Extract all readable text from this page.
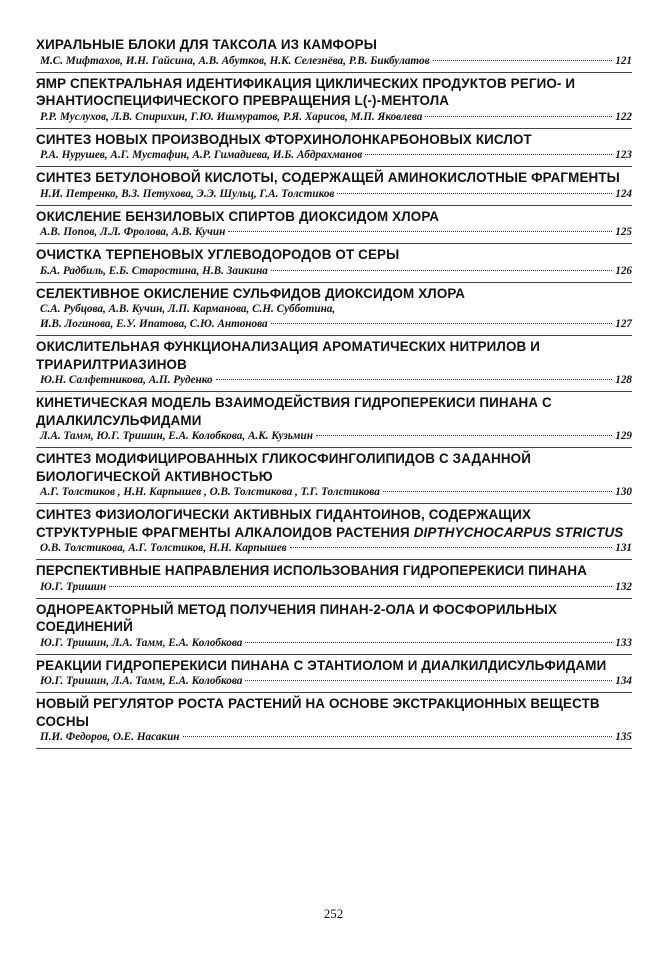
ХИРАЛЬНЫЕ БЛОКИ ДЛЯ ТАКСОЛА ИЗ КАМФОРЫ
М.С. Мифтахов, И.Н. Гайсина, А.В. Абутков, Н.К. Селезнёва, Р.В. Бикбулатов	121
ЯМР СПЕКТРАЛЬНАЯ ИДЕНТИФИКАЦИЯ ЦИКЛИЧЕСКИХ ПРОДУКТОВ РЕГИО- И ЭНАНТИОСПЕЦИФИЧЕСКОГО ПРЕВРАЩЕНИЯ L(-)-МЕНТОЛА
Р.Р. Муслухов, Л.В. Спирихин, Г.Ю. Ишмуратов, Р.Я. Харисов, М.П. Яковлева	122
СИНТЕЗ НОВЫХ ПРОИЗВОДНЫХ ФТОРХИНОЛОНКАРБОНОВЫХ КИСЛОТ
Р.А. Нурушев, А.Г. Мустафин, А.Р. Гимадиева, И.Б. Абдрахманов	123
СИНТЕЗ БЕТУЛОНОВОЙ КИСЛОТЫ, СОДЕРЖАЩЕЙ АМИНОКИСЛОТНЫЕ ФРАГМЕНТЫ
Н.И. Петренко, В.З. Петухова, Э.Э. Шульц, Г.А. Толстиков	124
ОКИСЛЕНИЕ БЕНЗИЛОВЫХ СПИРТОВ ДИОКСИДОМ ХЛОРА
А.В. Попов, Л.Л. Фролова, А.В. Кучин	125
ОЧИСТКА ТЕРПЕНОВЫХ УГЛЕВОДОРОДОВ ОТ СЕРЫ
Б.А. Радбиль, Е.Б. Старостина, Н.В. Заикина	126
СЕЛЕКТИВНОЕ ОКИСЛЕНИЕ СУЛЬФИДОВ ДИОКСИДОМ ХЛОРА
С.А. Рубцова, А.В. Кучин, Л.П. Карманова, С.Н. Субботина,
И.В. Логинова, Е.У. Ипатова, С.Ю. Антонова	127
ОКИСЛИТЕЛЬНАЯ ФУНКЦИОНАЛИЗАЦИЯ АРОМАТИЧЕСКИХ НИТРИЛОВ И ТРИАРИЛТРИАЗИНОВ
Ю.Н. Салфетникова, А.П. Руденко	128
КИНЕТИЧЕСКАЯ МОДЕЛЬ ВЗАИМОДЕЙСТВИЯ ГИДРОПЕРЕКИСИ ПИНАНА С ДИАЛКИЛСУЛЬФИДАМИ
Л.А. Тамм, Ю.Г. Тришин, Е.А. Колобкова, А.К. Кузьмин	129
СИНТЕЗ МОДИФИЦИРОВАННЫХ ГЛИКОСФИНГОЛИПИДОВ С ЗАДАННОЙ БИОЛОГИЧЕСКОЙ АКТИВНОСТЬЮ
А.Г. Толстиков , Н.Н. Карпышев , О.В. Толстикова , Т.Г. Толстикова	130
СИНТЕЗ ФИЗИОЛОГИЧЕСКИ АКТИВНЫХ ГИДАНТОИНОВ, СОДЕРЖАЩИХ СТРУКТУРНЫЕ ФРАГМЕНТЫ АЛКАЛОИДОВ РАСТЕНИЯ DIPTHYCHOCARPUS STRICTUS
О.В. Толстикова, А.Г. Толстиков, Н.Н. Карпышев	131
ПЕРСПЕКТИВНЫЕ НАПРАВЛЕНИЯ ИСПОЛЬЗОВАНИЯ ГИДРОПЕРЕКИСИ ПИНАНА
Ю.Г. Тришин	132
ОДНОРЕАКТОРНЫЙ МЕТОД ПОЛУЧЕНИЯ ПИНАН-2-ОЛА И ФОСФОРИЛЬНЫХ СОЕДИНЕНИЙ
Ю.Г. Тришин, Л.А. Тамм, Е.А. Колобкова	133
РЕАКЦИИ ГИДРОПЕРЕКИСИ ПИНАНА С ЭТАНТИОЛОМ И ДИАЛКИЛДИСУЛЬФИДАМИ
Ю.Г. Тришин, Л.А. Тамм, Е.А. Колобкова	134
НОВЫЙ РЕГУЛЯТОР РОСТА РАСТЕНИЙ НА ОСНОВЕ ЭКСТРАКЦИОННЫХ ВЕЩЕСТВ СОСНЫ
П.И. Федоров, О.Е. Насакин	135
252
